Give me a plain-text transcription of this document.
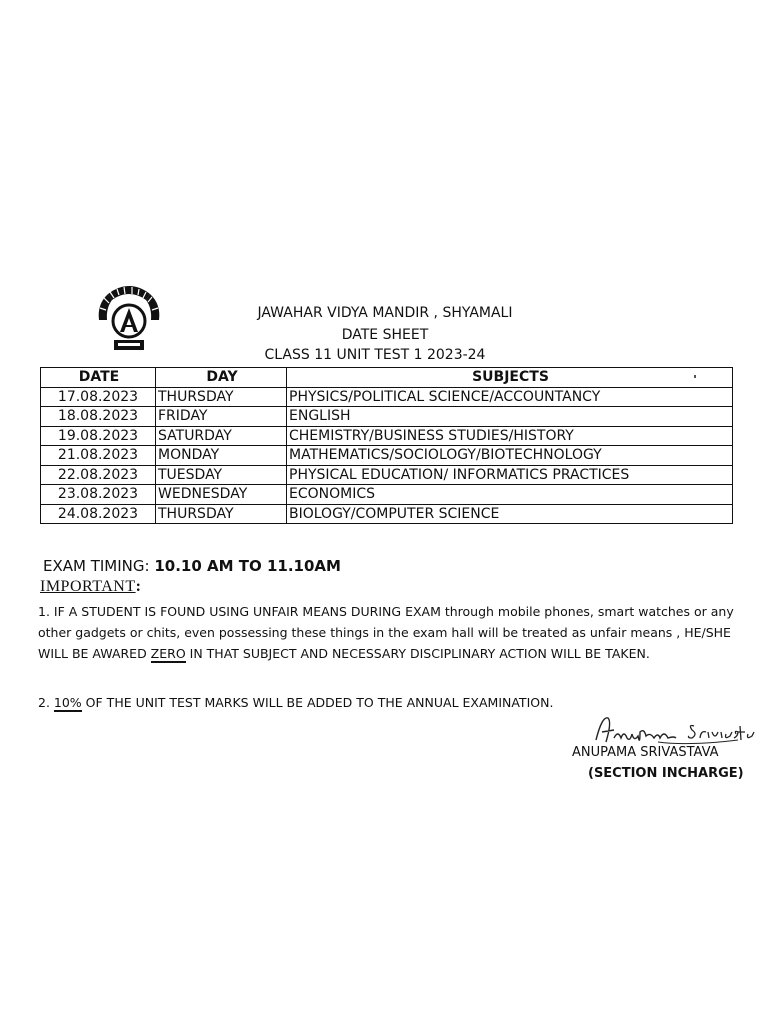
JAWAHAR VIDYA MANDIR , SHYAMALI
DATE SHEET
CLASS 11 UNIT TEST 1 2023-24
DATE	DAY	SUBJECTS
17.08.2023	THURSDAY	PHYSICS/POLITICAL SCIENCE/ACCOUNTANCY
18.08.2023	FRIDAY	ENGLISH
19.08.2023	SATURDAY	CHEMISTRY/BUSINESS STUDIES/HISTORY
21.08.2023	MONDAY	MATHEMATICS/SOCIOLOGY/BIOTECHNOLOGY
22.08.2023	TUESDAY	PHYSICAL EDUCATION/ INFORMATICS PRACTICES
23.08.2023	WEDNESDAY	ECONOMICS
24.08.2023	THURSDAY	BIOLOGY/COMPUTER SCIENCE
EXAM TIMING: 10.10 AM TO 11.10AM
IMPORTANT:
1. IF A STUDENT IS FOUND USING UNFAIR MEANS DURING EXAM through mobile phones, smart watches or any other gadgets or chits, even possessing these things in the exam hall will be treated as unfair means , HE/SHE WILL BE AWARED ZERO IN THAT SUBJECT AND NECESSARY DISCIPLINARY ACTION WILL BE TAKEN.
2. 10% OF THE UNIT TEST MARKS WILL BE ADDED TO THE ANNUAL EXAMINATION.
ANUPAMA SRIVASTAVA
(SECTION INCHARGE)
